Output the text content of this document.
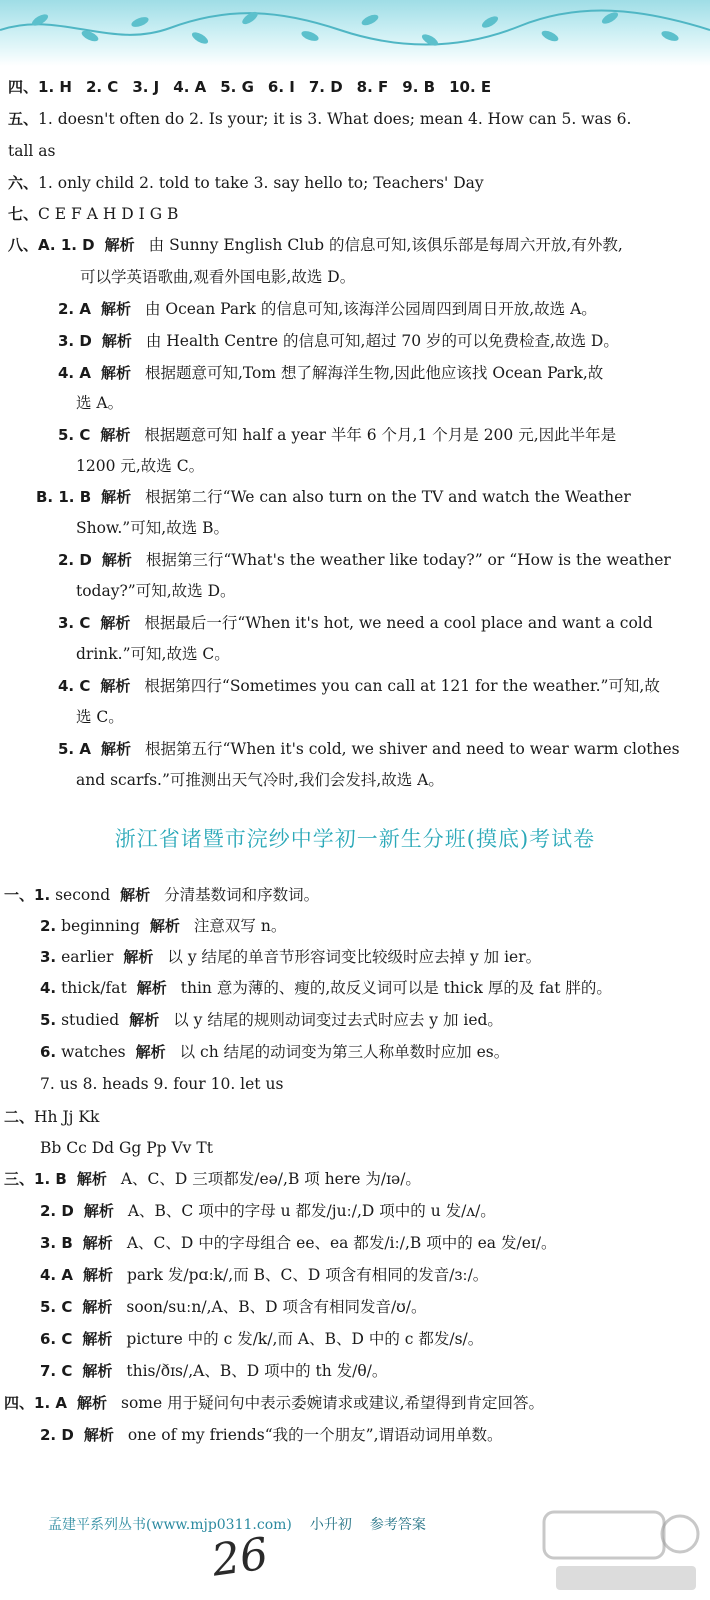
四、1. H 2. C 3. J 4. A 5. G 6. I 7. D 8. F 9. B 10. E
五、1. doesn't often do 2. Is your; it is 3. What does; mean 4. How can 5. was 6.
tall as
六、1. only child 2. told to take 3. say hello to; Teachers' Day
七、C E F A H D I G B
八、A. 1. D 解析 由 Sunny English Club 的信息可知,该俱乐部是每周六开放,有外教,
可以学英语歌曲,观看外国电影,故选 D。
2. A 解析 由 Ocean Park 的信息可知,该海洋公园周四到周日开放,故选 A。
3. D 解析 由 Health Centre 的信息可知,超过 70 岁的可以免费检查,故选 D。
4. A 解析 根据题意可知,Tom 想了解海洋生物,因此他应该找 Ocean Park,故
选 A。
5. C 解析 根据题意可知 half a year 半年 6 个月,1 个月是 200 元,因此半年是
1200 元,故选 C。
B. 1. B 解析 根据第二行“We can also turn on the TV and watch the Weather
Show.”可知,故选 B。
2. D 解析 根据第三行“What's the weather like today?” or “How is the weather
today?”可知,故选 D。
3. C 解析 根据最后一行“When it's hot, we need a cool place and want a cold
drink.”可知,故选 C。
4. C 解析 根据第四行“Sometimes you can call at 121 for the weather.”可知,故
选 C。
5. A 解析 根据第五行“When it's cold, we shiver and need to wear warm clothes
and scarfs.”可推测出天气冷时,我们会发抖,故选 A。
浙江省诸暨市浣纱中学初一新生分班(摸底)考试卷
一、1. second 解析 分清基数词和序数词。
2. beginning 解析 注意双写 n。
3. earlier 解析 以 y 结尾的单音节形容词变比较级时应去掉 y 加 ier。
4. thick/fat 解析 thin 意为薄的、瘦的,故反义词可以是 thick 厚的及 fat 胖的。
5. studied 解析 以 y 结尾的规则动词变过去式时应去 y 加 ied。
6. watches 解析 以 ch 结尾的动词变为第三人称单数时应加 es。
7. us 8. heads 9. four 10. let us
二、Hh Jj Kk
Bb Cc Dd Gg Pp Vv Tt
三、1. B 解析 A、C、D 三项都发/eə/,B 项 here 为/ɪə/。
2. D 解析 A、B、C 项中的字母 u 都发/juː/,D 项中的 u 发/ʌ/。
3. B 解析 A、C、D 中的字母组合 ee、ea 都发/iː/,B 项中的 ea 发/eɪ/。
4. A 解析 park 发/pɑːk/,而 B、C、D 项含有相同的发音/ɜː/。
5. C 解析 soon/suːn/,A、B、D 项含有相同发音/ʊ/。
6. C 解析 picture 中的 c 发/k/,而 A、B、D 中的 c 都发/s/。
7. C 解析 this/ðɪs/,A、B、D 项中的 th 发/θ/。
四、1. A 解析 some 用于疑问句中表示委婉请求或建议,希望得到肯定回答。
2. D 解析 one of my friends“我的一个朋友”,谓语动词用单数。
孟建平系列丛书(www.mjp0311.com) 小升初 参考答案
26
